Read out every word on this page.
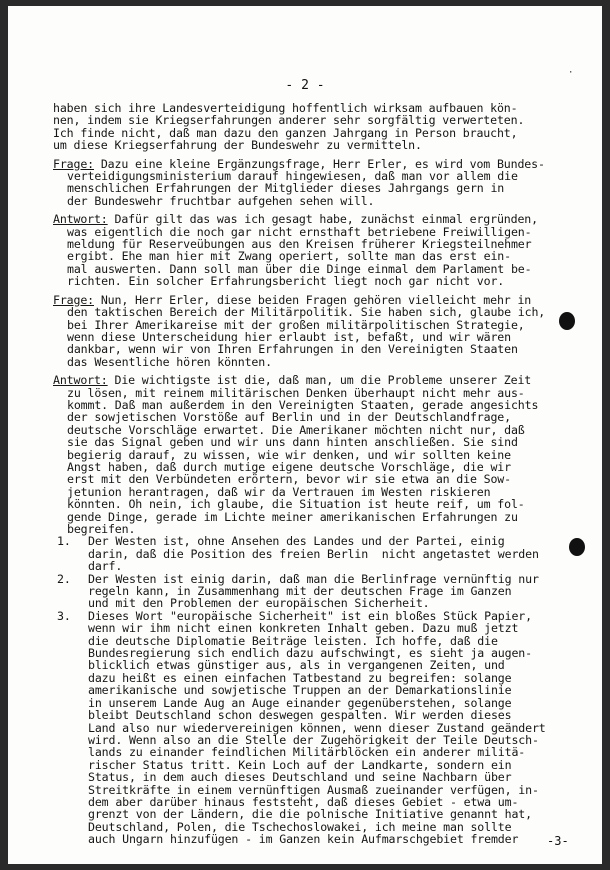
·
- 2 -
haben sich ihre Landesverteidigung hoffentlich wirksam aufbauen kön-
nen, indem sie Kriegserfahrungen anderer sehr sorgfältig verwerteten.
Ich finde nicht, daß man dazu den ganzen Jahrgang in Person braucht,
um diese Kriegserfahrung der Bundeswehr zu vermitteln.
Frage: Dazu eine kleine Ergänzungsfrage, Herr Erler, es wird vom Bundes-
verteidigungsministerium darauf hingewiesen, daß man vor allem die
menschlichen Erfahrungen der Mitglieder dieses Jahrgangs gern in
der Bundeswehr fruchtbar aufgehen sehen will.
Antwort: Dafür gilt das was ich gesagt habe, zunächst einmal ergründen,
was eigentlich die noch gar nicht ernsthaft betriebene Freiwilligen-
meldung für Reserveübungen aus den Kreisen früherer Kriegsteilnehmer
ergibt. Ehe man hier mit Zwang operiert, sollte man das erst ein-
mal auswerten. Dann soll man über die Dinge einmal dem Parlament be-
richten. Ein solcher Erfahrungsbericht liegt noch gar nicht vor.
Frage: Nun, Herr Erler, diese beiden Fragen gehören vielleicht mehr in
den taktischen Bereich der Militärpolitik. Sie haben sich, glaube ich,
bei Ihrer Amerikareise mit der großen militärpolitischen Strategie,
wenn diese Unterscheidung hier erlaubt ist, befaßt, und wir wären
dankbar, wenn wir von Ihren Erfahrungen in den Vereinigten Staaten
das Wesentliche hören könnten.
Antwort: Die wichtigste ist die, daß man, um die Probleme unserer Zeit
zu lösen, mit reinem militärischen Denken überhaupt nicht mehr aus-
kommt. Daß man außerdem in den Vereinigten Staaten, gerade angesichts
der sowjetischen Vorstöße auf Berlin und in der Deutschlandfrage,
deutsche Vorschläge erwartet. Die Amerikaner möchten nicht nur, daß
sie das Signal geben und wir uns dann hinten anschließen. Sie sind
begierig darauf, zu wissen, wie wir denken, und wir sollten keine
Angst haben, daß durch mutige eigene deutsche Vorschläge, die wir
erst mit den Verbündeten erörtern, bevor wir sie etwa an die Sow-
jetunion herantragen, daß wir da Vertrauen im Westen riskieren
könnten. Oh nein, ich glaube, die Situation ist heute reif, um fol-
gende Dinge, gerade im Lichte meiner amerikanischen Erfahrungen zu
begreifen.
1. Der Westen ist, ohne Ansehen des Landes und der Partei, einig
darin, daß die Position des freien Berlin  nicht angetastet werden
darf.
2. Der Westen ist einig darin, daß man die Berlinfrage vernünftig nur
regeln kann, in Zusammenhang mit der deutschen Frage im Ganzen
und mit den Problemen der europäischen Sicherheit.
3. Dieses Wort "europäische Sicherheit" ist ein bloßes Stück Papier,
wenn wir ihm nicht einen konkreten Inhalt geben. Dazu muß jetzt
die deutsche Diplomatie Beiträge leisten. Ich hoffe, daß die
Bundesregierung sich endlich dazu aufschwingt, es sieht ja augen-
blicklich etwas günstiger aus, als in vergangenen Zeiten, und
dazu heißt es einen einfachen Tatbestand zu begreifen: solange
amerikanische und sowjetische Truppen an der Demarkationslinie
in unserem Lande Aug an Auge einander gegenüberstehen, solange
bleibt Deutschland schon deswegen gespalten. Wir werden dieses
Land also nur wiedervereinigen können, wenn dieser Zustand geändert
wird. Wenn also an die Stelle der Zugehörigkeit der Teile Deutsch-
lands zu einander feindlichen Militärblöcken ein anderer militä-
rischer Status tritt. Kein Loch auf der Landkarte, sondern ein
Status, in dem auch dieses Deutschland und seine Nachbarn über
Streitkräfte in einem vernünftigen Ausmaß zueinander verfügen, in-
dem aber darüber hinaus feststeht, daß dieses Gebiet - etwa um-
grenzt von der Ländern, die die polnische Initiative genannt hat,
Deutschland, Polen, die Tschechoslowakei, ich meine man sollte
auch Ungarn hinzufügen - im Ganzen kein Aufmarschgebiet fremder	-3-
